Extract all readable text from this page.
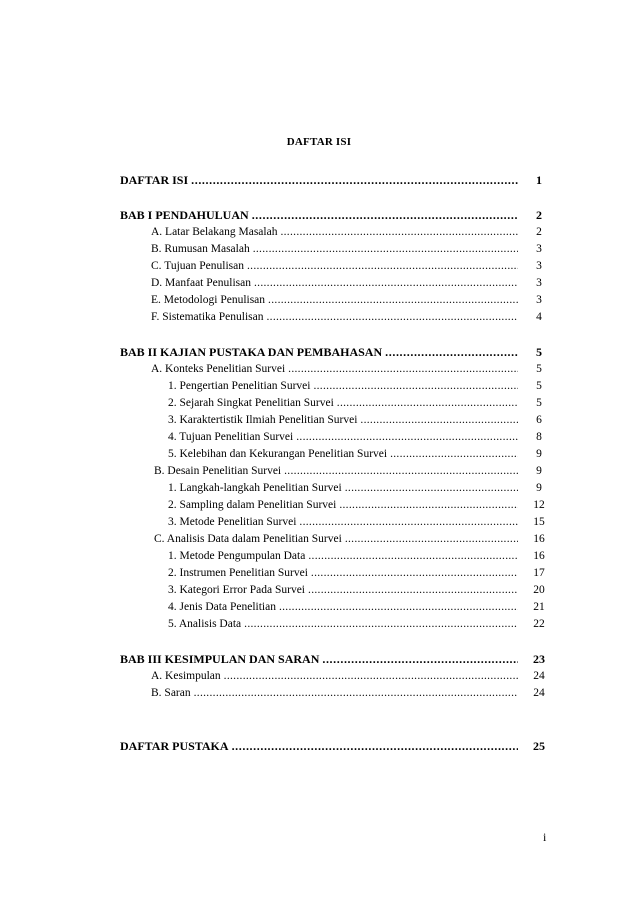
DAFTAR ISI
DAFTAR ISI .....	1
BAB I PENDAHULUAN .....	2
A. Latar Belakang Masalah .....	2
B. Rumusan Masalah .....	3
C. Tujuan Penulisan .....	3
D. Manfaat Penulisan .....	3
E. Metodologi Penulisan .....	3
F. Sistematika Penulisan .....	4
BAB II KAJIAN PUSTAKA DAN PEMBAHASAN .....	5
A. Konteks Penelitian Survei .....	5
1. Pengertian Penelitian Survei .....	5
2. Sejarah Singkat Penelitian Survei .....	5
3. Karaktertistik Ilmiah Penelitian Survei .....	6
4. Tujuan Penelitian Survei .....	8
5. Kelebihan dan Kekurangan Penelitian Survei .....	9
B. Desain Penelitian Survei .....	9
1. Langkah-langkah Penelitian Survei .....	9
2. Sampling dalam Penelitian Survei .....	12
3. Metode Penelitian Survei .....	15
C. Analisis Data dalam Penelitian Survei .....	16
1. Metode Pengumpulan Data .....	16
2. Instrumen Penelitian Survei .....	17
3. Kategori Error Pada Survei .....	20
4. Jenis Data Penelitian .....	21
5. Analisis Data .....	22
BAB III KESIMPULAN DAN SARAN .....	23
A. Kesimpulan .....	24
B. Saran .....	24
DAFTAR PUSTAKA .....	25
i
